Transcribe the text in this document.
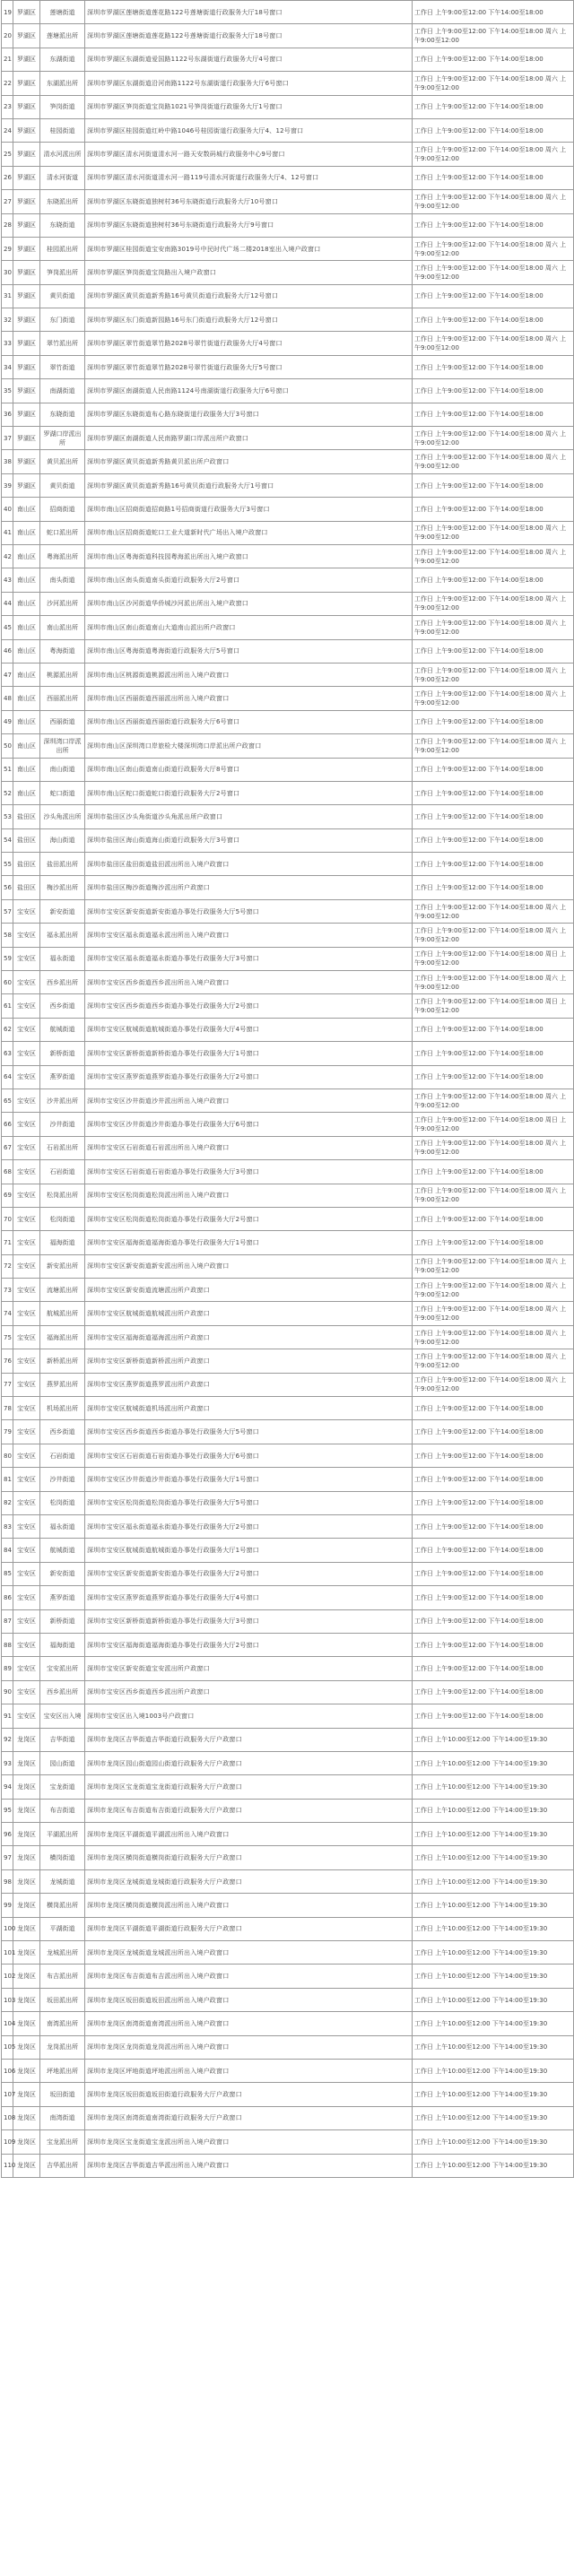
19	罗湖区	莲塘街道	深圳市罗湖区莲塘街道莲花路122号莲塘街道行政服务大厅18号窗口	工作日 上午9:00至12:00 下午14:00至18:00
20	罗湖区	莲塘派出所	深圳市罗湖区莲塘街道莲花路122号莲塘街道行政服务大厅18号窗口	工作日 上午9:00至12:00 下午14:00至18:00 周六 上午9:00至12:00
21	罗湖区	东湖街道	深圳市罗湖区东湖街道爱国路1122号东湖街道行政服务大厅4号窗口	工作日 上午9:00至12:00 下午14:00至18:00
22	罗湖区	东湖派出所	深圳市罗湖区东湖街道沿河南路1122号东湖街道行政服务大厅6号窗口	工作日 上午9:00至12:00 下午14:00至18:00 周六 上午9:00至12:00
23	罗湖区	笋岗街道	深圳市罗湖区笋岗街道宝岗路1021号笋岗街道行政服务大厅1号窗口	工作日 上午9:00至12:00 下午14:00至18:00
24	罗湖区	桂园街道	深圳市罗湖区桂园街道红岭中路1046号桂园街道行政服务大厅4、12号窗口	工作日 上午9:00至12:00 下午14:00至18:00
25	罗湖区	清水河派出所	深圳市罗湖区清水河街道清水河一路天安数码城行政服务中心9号窗口	工作日 上午9:00至12:00 下午14:00至18:00 周六 上午9:00至12:00
26	罗湖区	清水河街道	深圳市罗湖区清水河街道清水河一路119号清水河街道行政服务大厅4、12号窗口	工作日 上午9:00至12:00 下午14:00至18:00
27	罗湖区	东晓派出所	深圳市罗湖区东晓街道独树村36号东晓街道行政服务大厅10号窗口	工作日 上午9:00至12:00 下午14:00至18:00 周六 上午9:00至12:00
28	罗湖区	东晓街道	深圳市罗湖区东晓街道独树村36号东晓街道行政服务大厅9号窗口	工作日 上午9:00至12:00 下午14:00至18:00
29	罗湖区	桂园派出所	深圳市罗湖区桂园街道宝安南路3019号中民时代广场二楼2018室出入境户政窗口	工作日 上午9:00至12:00 下午14:00至18:00 周六 上午9:00至12:00
30	罗湖区	笋岗派出所	深圳市罗湖区笋岗街道宝岗路出入境户政窗口	工作日 上午9:00至12:00 下午14:00至18:00 周六 上午9:00至12:00
31	罗湖区	黄贝街道	深圳市罗湖区黄贝街道新秀路16号黄贝街道行政服务大厅12号窗口	工作日 上午9:00至12:00 下午14:00至18:00
32	罗湖区	东门街道	深圳市罗湖区东门街道新园路16号东门街道行政服务大厅12号窗口	工作日 上午9:00至12:00 下午14:00至18:00
33	罗湖区	翠竹派出所	深圳市罗湖区翠竹街道翠竹路2028号翠竹街道行政服务大厅4号窗口	工作日 上午9:00至12:00 下午14:00至18:00 周六 上午9:00至12:00
34	罗湖区	翠竹街道	深圳市罗湖区翠竹街道翠竹路2028号翠竹街道行政服务大厅5号窗口	工作日 上午9:00至12:00 下午14:00至18:00
35	罗湖区	南湖街道	深圳市罗湖区南湖街道人民南路1124号南湖街道行政服务大厅6号窗口	工作日 上午9:00至12:00 下午14:00至18:00
36	罗湖区	东晓街道	深圳市罗湖区东晓街道布心路东晓街道行政服务大厅3号窗口	工作日 上午9:00至12:00 下午14:00至18:00
37	罗湖区	罗湖口岸派出所	深圳市罗湖区南湖街道人民南路罗湖口岸派出所户政窗口	工作日 上午9:00至12:00 下午14:00至18:00 周六 上午9:00至12:00
38	罗湖区	黄贝派出所	深圳市罗湖区黄贝街道新秀路黄贝派出所户政窗口	工作日 上午9:00至12:00 下午14:00至18:00 周六 上午9:00至12:00
39	罗湖区	黄贝街道	深圳市罗湖区黄贝街道新秀路16号黄贝街道行政服务大厅1号窗口	工作日 上午9:00至12:00 下午14:00至18:00
40	南山区	招商街道	深圳市南山区招商街道招商路1号招商街道行政服务大厅3号窗口	工作日 上午9:00至12:00 下午14:00至18:00
41	南山区	蛇口派出所	深圳市南山区招商街道蛇口工业大道新时代广场出入境户政窗口	工作日 上午9:00至12:00 下午14:00至18:00 周六 上午9:00至12:00
42	南山区	粤海派出所	深圳市南山区粤海街道科技园粤海派出所出入境户政窗口	工作日 上午9:00至12:00 下午14:00至18:00 周六 上午9:00至12:00
43	南山区	南头街道	深圳市南山区南头街道南头街道行政服务大厅2号窗口	工作日 上午9:00至12:00 下午14:00至18:00
44	南山区	沙河派出所	深圳市南山区沙河街道华侨城沙河派出所出入境户政窗口	工作日 上午9:00至12:00 下午14:00至18:00 周六 上午9:00至12:00
45	南山区	南山派出所	深圳市南山区南山街道南山大道南山派出所户政窗口	工作日 上午9:00至12:00 下午14:00至18:00 周六 上午9:00至12:00
46	南山区	粤海街道	深圳市南山区粤海街道粤海街道行政服务大厅5号窗口	工作日 上午9:00至12:00 下午14:00至18:00
47	南山区	桃源派出所	深圳市南山区桃源街道桃源派出所出入境户政窗口	工作日 上午9:00至12:00 下午14:00至18:00 周六 上午9:00至12:00
48	南山区	西丽派出所	深圳市南山区西丽街道西丽派出所出入境户政窗口	工作日 上午9:00至12:00 下午14:00至18:00 周六 上午9:00至12:00
49	南山区	西丽街道	深圳市南山区西丽街道西丽街道行政服务大厅6号窗口	工作日 上午9:00至12:00 下午14:00至18:00
50	南山区	深圳湾口岸派出所	深圳市南山区深圳湾口岸旅检大楼深圳湾口岸派出所户政窗口	工作日 上午9:00至12:00 下午14:00至18:00 周六 上午9:00至12:00
51	南山区	南山街道	深圳市南山区南山街道南山街道行政服务大厅8号窗口	工作日 上午9:00至12:00 下午14:00至18:00
52	南山区	蛇口街道	深圳市南山区蛇口街道蛇口街道行政服务大厅2号窗口	工作日 上午9:00至12:00 下午14:00至18:00
53	盐田区	沙头角派出所	深圳市盐田区沙头角街道沙头角派出所户政窗口	工作日 上午9:00至12:00 下午14:00至18:00
54	盐田区	海山街道	深圳市盐田区海山街道海山街道行政服务大厅3号窗口	工作日 上午9:00至12:00 下午14:00至18:00
55	盐田区	盐田派出所	深圳市盐田区盐田街道盐田派出所出入境户政窗口	工作日 上午9:00至12:00 下午14:00至18:00
56	盐田区	梅沙派出所	深圳市盐田区梅沙街道梅沙派出所户政窗口	工作日 上午9:00至12:00 下午14:00至18:00
57	宝安区	新安街道	深圳市宝安区新安街道新安街道办事处行政服务大厅5号窗口	工作日 上午9:00至12:00 下午14:00至18:00 周六 上午9:00至12:00
58	宝安区	福永派出所	深圳市宝安区福永街道福永派出所出入境户政窗口	工作日 上午9:00至12:00 下午14:00至18:00 周六 上午9:00至12:00
59	宝安区	福永街道	深圳市宝安区福永街道福永街道办事处行政服务大厅3号窗口	工作日 上午9:00至12:00 下午14:00至18:00 周日 上午9:00至12:00
60	宝安区	西乡派出所	深圳市宝安区西乡街道西乡派出所出入境户政窗口	工作日 上午9:00至12:00 下午14:00至18:00 周六 上午9:00至12:00
61	宝安区	西乡街道	深圳市宝安区西乡街道西乡街道办事处行政服务大厅2号窗口	工作日 上午9:00至12:00 下午14:00至18:00 周日 上午9:00至12:00
62	宝安区	航城街道	深圳市宝安区航城街道航城街道办事处行政服务大厅4号窗口	工作日 上午9:00至12:00 下午14:00至18:00
63	宝安区	新桥街道	深圳市宝安区新桥街道新桥街道办事处行政服务大厅1号窗口	工作日 上午9:00至12:00 下午14:00至18:00
64	宝安区	燕罗街道	深圳市宝安区燕罗街道燕罗街道办事处行政服务大厅2号窗口	工作日 上午9:00至12:00 下午14:00至18:00
65	宝安区	沙井派出所	深圳市宝安区沙井街道沙井派出所出入境户政窗口	工作日 上午9:00至12:00 下午14:00至18:00 周六 上午9:00至12:00
66	宝安区	沙井街道	深圳市宝安区沙井街道沙井街道办事处行政服务大厅6号窗口	工作日 上午9:00至12:00 下午14:00至18:00 周日 上午9:00至12:00
67	宝安区	石岩派出所	深圳市宝安区石岩街道石岩派出所出入境户政窗口	工作日 上午9:00至12:00 下午14:00至18:00 周六 上午9:00至12:00
68	宝安区	石岩街道	深圳市宝安区石岩街道石岩街道办事处行政服务大厅3号窗口	工作日 上午9:00至12:00 下午14:00至18:00
69	宝安区	松岗派出所	深圳市宝安区松岗街道松岗派出所出入境户政窗口	工作日 上午9:00至12:00 下午14:00至18:00 周六 上午9:00至12:00
70	宝安区	松岗街道	深圳市宝安区松岗街道松岗街道办事处行政服务大厅2号窗口	工作日 上午9:00至12:00 下午14:00至18:00
71	宝安区	福海街道	深圳市宝安区福海街道福海街道办事处行政服务大厅1号窗口	工作日 上午9:00至12:00 下午14:00至18:00
72	宝安区	新安派出所	深圳市宝安区新安街道新安派出所出入境户政窗口	工作日 上午9:00至12:00 下午14:00至18:00 周六 上午9:00至12:00
73	宝安区	流塘派出所	深圳市宝安区新安街道流塘派出所户政窗口	工作日 上午9:00至12:00 下午14:00至18:00 周六 上午9:00至12:00
74	宝安区	航城派出所	深圳市宝安区航城街道航城派出所户政窗口	工作日 上午9:00至12:00 下午14:00至18:00 周六 上午9:00至12:00
75	宝安区	福海派出所	深圳市宝安区福海街道福海派出所户政窗口	工作日 上午9:00至12:00 下午14:00至18:00 周六 上午9:00至12:00
76	宝安区	新桥派出所	深圳市宝安区新桥街道新桥派出所户政窗口	工作日 上午9:00至12:00 下午14:00至18:00 周六 上午9:00至12:00
77	宝安区	燕罗派出所	深圳市宝安区燕罗街道燕罗派出所户政窗口	工作日 上午9:00至12:00 下午14:00至18:00 周六 上午9:00至12:00
78	宝安区	机场派出所	深圳市宝安区航城街道机场派出所户政窗口	工作日 上午9:00至12:00 下午14:00至18:00
79	宝安区	西乡街道	深圳市宝安区西乡街道西乡街道办事处行政服务大厅5号窗口	工作日 上午9:00至12:00 下午14:00至18:00
80	宝安区	石岩街道	深圳市宝安区石岩街道石岩街道办事处行政服务大厅6号窗口	工作日 上午9:00至12:00 下午14:00至18:00
81	宝安区	沙井街道	深圳市宝安区沙井街道沙井街道办事处行政服务大厅1号窗口	工作日 上午9:00至12:00 下午14:00至18:00
82	宝安区	松岗街道	深圳市宝安区松岗街道松岗街道办事处行政服务大厅5号窗口	工作日 上午9:00至12:00 下午14:00至18:00
83	宝安区	福永街道	深圳市宝安区福永街道福永街道办事处行政服务大厅2号窗口	工作日 上午9:00至12:00 下午14:00至18:00
84	宝安区	航城街道	深圳市宝安区航城街道航城街道办事处行政服务大厅1号窗口	工作日 上午9:00至12:00 下午14:00至18:00
85	宝安区	新安街道	深圳市宝安区新安街道新安街道办事处行政服务大厅2号窗口	工作日 上午9:00至12:00 下午14:00至18:00
86	宝安区	燕罗街道	深圳市宝安区燕罗街道燕罗街道办事处行政服务大厅4号窗口	工作日 上午9:00至12:00 下午14:00至18:00
87	宝安区	新桥街道	深圳市宝安区新桥街道新桥街道办事处行政服务大厅3号窗口	工作日 上午9:00至12:00 下午14:00至18:00
88	宝安区	福海街道	深圳市宝安区福海街道福海街道办事处行政服务大厅2号窗口	工作日 上午9:00至12:00 下午14:00至18:00
89	宝安区	宝安派出所	深圳市宝安区新安街道宝安派出所户政窗口	工作日 上午9:00至12:00 下午14:00至18:00
90	宝安区	西乡派出所	深圳市宝安区西乡街道西乡派出所户政窗口	工作日 上午9:00至12:00 下午14:00至18:00
91	宝安区	宝安区出入境	深圳市宝安区出入境1003号户政窗口	工作日 上午9:00至12:00 下午14:00至18:00
92	龙岗区	吉华街道	深圳市龙岗区吉华街道吉华街道行政服务大厅户政窗口	工作日 上午10:00至12:00 下午14:00至19:30
93	龙岗区	园山街道	深圳市龙岗区园山街道园山街道行政服务大厅户政窗口	工作日 上午10:00至12:00 下午14:00至19:30
94	龙岗区	宝龙街道	深圳市龙岗区宝龙街道宝龙街道行政服务大厅户政窗口	工作日 上午10:00至12:00 下午14:00至19:30
95	龙岗区	布吉街道	深圳市龙岗区布吉街道布吉街道行政服务大厅户政窗口	工作日 上午10:00至12:00 下午14:00至19:30
96	龙岗区	平湖派出所	深圳市龙岗区平湖街道平湖派出所出入境户政窗口	工作日 上午10:00至12:00 下午14:00至19:30
97	龙岗区	横岗街道	深圳市龙岗区横岗街道横岗街道行政服务大厅户政窗口	工作日 上午10:00至12:00 下午14:00至19:30
98	龙岗区	龙城街道	深圳市龙岗区龙城街道龙城街道行政服务大厅户政窗口	工作日 上午10:00至12:00 下午14:00至19:30
99	龙岗区	横岗派出所	深圳市龙岗区横岗街道横岗派出所出入境户政窗口	工作日 上午10:00至12:00 下午14:00至19:30
100	龙岗区	平湖街道	深圳市龙岗区平湖街道平湖街道行政服务大厅户政窗口	工作日 上午10:00至12:00 下午14:00至19:30
101	龙岗区	龙城派出所	深圳市龙岗区龙城街道龙城派出所出入境户政窗口	工作日 上午10:00至12:00 下午14:00至19:30
102	龙岗区	布吉派出所	深圳市龙岗区布吉街道布吉派出所出入境户政窗口	工作日 上午10:00至12:00 下午14:00至19:30
103	龙岗区	坂田派出所	深圳市龙岗区坂田街道坂田派出所出入境户政窗口	工作日 上午10:00至12:00 下午14:00至19:30
104	龙岗区	南湾派出所	深圳市龙岗区南湾街道南湾派出所出入境户政窗口	工作日 上午10:00至12:00 下午14:00至19:30
105	龙岗区	龙岗派出所	深圳市龙岗区龙岗街道龙岗派出所出入境户政窗口	工作日 上午10:00至12:00 下午14:00至19:30
106	龙岗区	坪地派出所	深圳市龙岗区坪地街道坪地派出所出入境户政窗口	工作日 上午10:00至12:00 下午14:00至19:30
107	龙岗区	坂田街道	深圳市龙岗区坂田街道坂田街道行政服务大厅户政窗口	工作日 上午10:00至12:00 下午14:00至19:30
108	龙岗区	南湾街道	深圳市龙岗区南湾街道南湾街道行政服务大厅户政窗口	工作日 上午10:00至12:00 下午14:00至19:30
109	龙岗区	宝龙派出所	深圳市龙岗区宝龙街道宝龙派出所出入境户政窗口	工作日 上午10:00至12:00 下午14:00至19:30
110	龙岗区	吉华派出所	深圳市龙岗区吉华街道吉华派出所出入境户政窗口	工作日 上午10:00至12:00 下午14:00至19:30
